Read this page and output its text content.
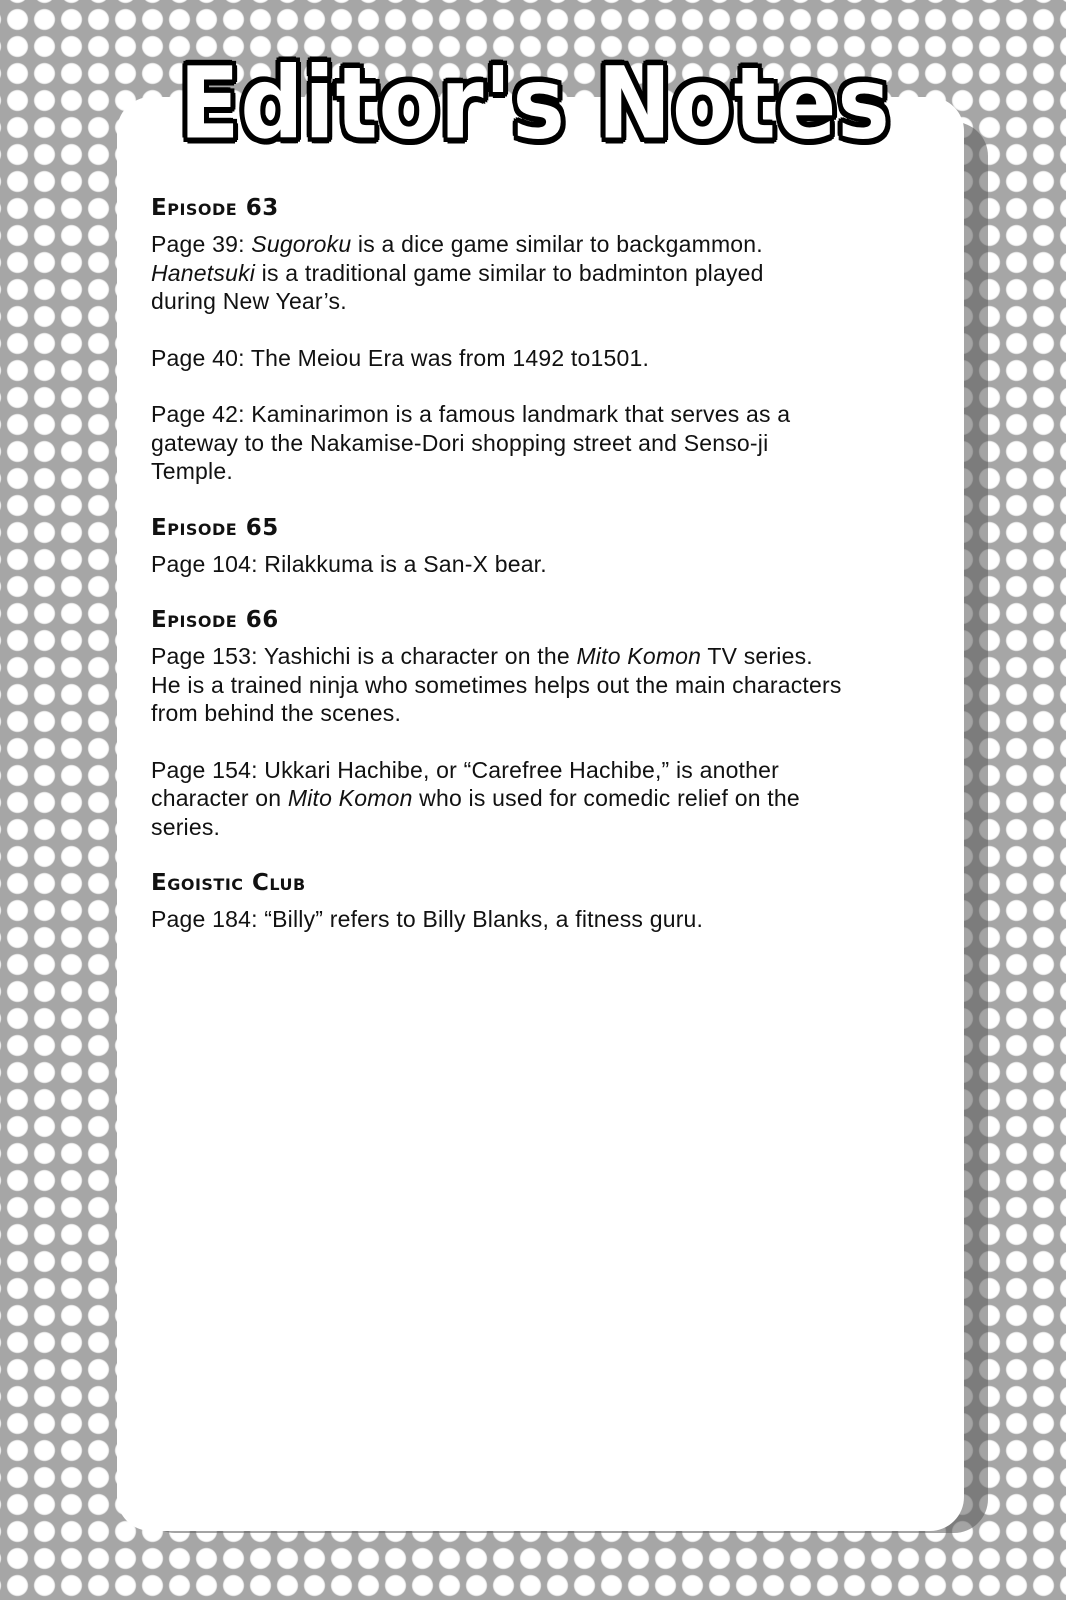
Editor's Notes
Episode 63

Page 39: Sugoroku is a dice game similar to backgammon.
Hanetsuki is a traditional game similar to badminton played
during New Year’s.

Page 40: The Meiou Era was from 1492 to1501.

Page 42: Kaminarimon is a famous landmark that serves as a
gateway to the Nakamise-Dori shopping street and Senso-ji
Temple.

Episode 65

Page 104: Rilakkuma is a San-X bear.

Episode 66

Page 153: Yashichi is a character on the Mito Komon TV series.
He is a trained ninja who sometimes helps out the main characters
from behind the scenes.

Page 154: Ukkari Hachibe, or “Carefree Hachibe,” is another
character on Mito Komon who is used for comedic relief on the
series.

Egoistic Club

Page 184: “Billy” refers to Billy Blanks, a fitness guru.
